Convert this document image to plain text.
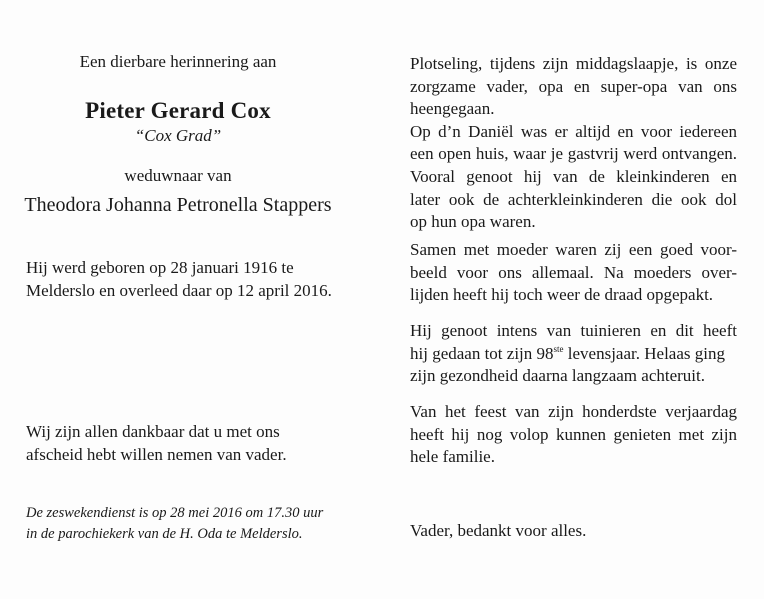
Een dierbare herinnering aan
Pieter Gerard Cox
“Cox Grad”
weduwnaar van
Theodora Johanna Petronella Stappers
Hij werd geboren op 28 januari 1916 te
Melderslo en overleed daar op 12 april 2016.
Wij zijn allen dankbaar dat u met ons
afscheid hebt willen nemen van vader.
De zeswekendienst is op 28 mei 2016 om 17.30 uur
in de parochiekerk van de H. Oda te Melderslo.
Plotseling, tijdens zijn middagslaapje, is onze
zorgzame vader, opa en super-opa van ons
heengegaan.
Op d’n Daniël was er altijd en voor iedereen
een open huis, waar je gastvrij werd ontvangen.
Vooral genoot hij van de kleinkinderen en
later ook de achterkleinkinderen die ook dol
op hun opa waren.
Samen met moeder waren zij een goed voor-
beeld voor ons allemaal. Na moeders over-
lijden heeft hij toch weer de draad opgepakt.
Hij genoot intens van tuinieren en dit heeft
hij gedaan tot zijn 98ste levensjaar. Helaas ging
zijn gezondheid daarna langzaam achteruit.
Van het feest van zijn honderdste verjaardag
heeft hij nog volop kunnen genieten met zijn
hele familie.
Vader, bedankt voor alles.
